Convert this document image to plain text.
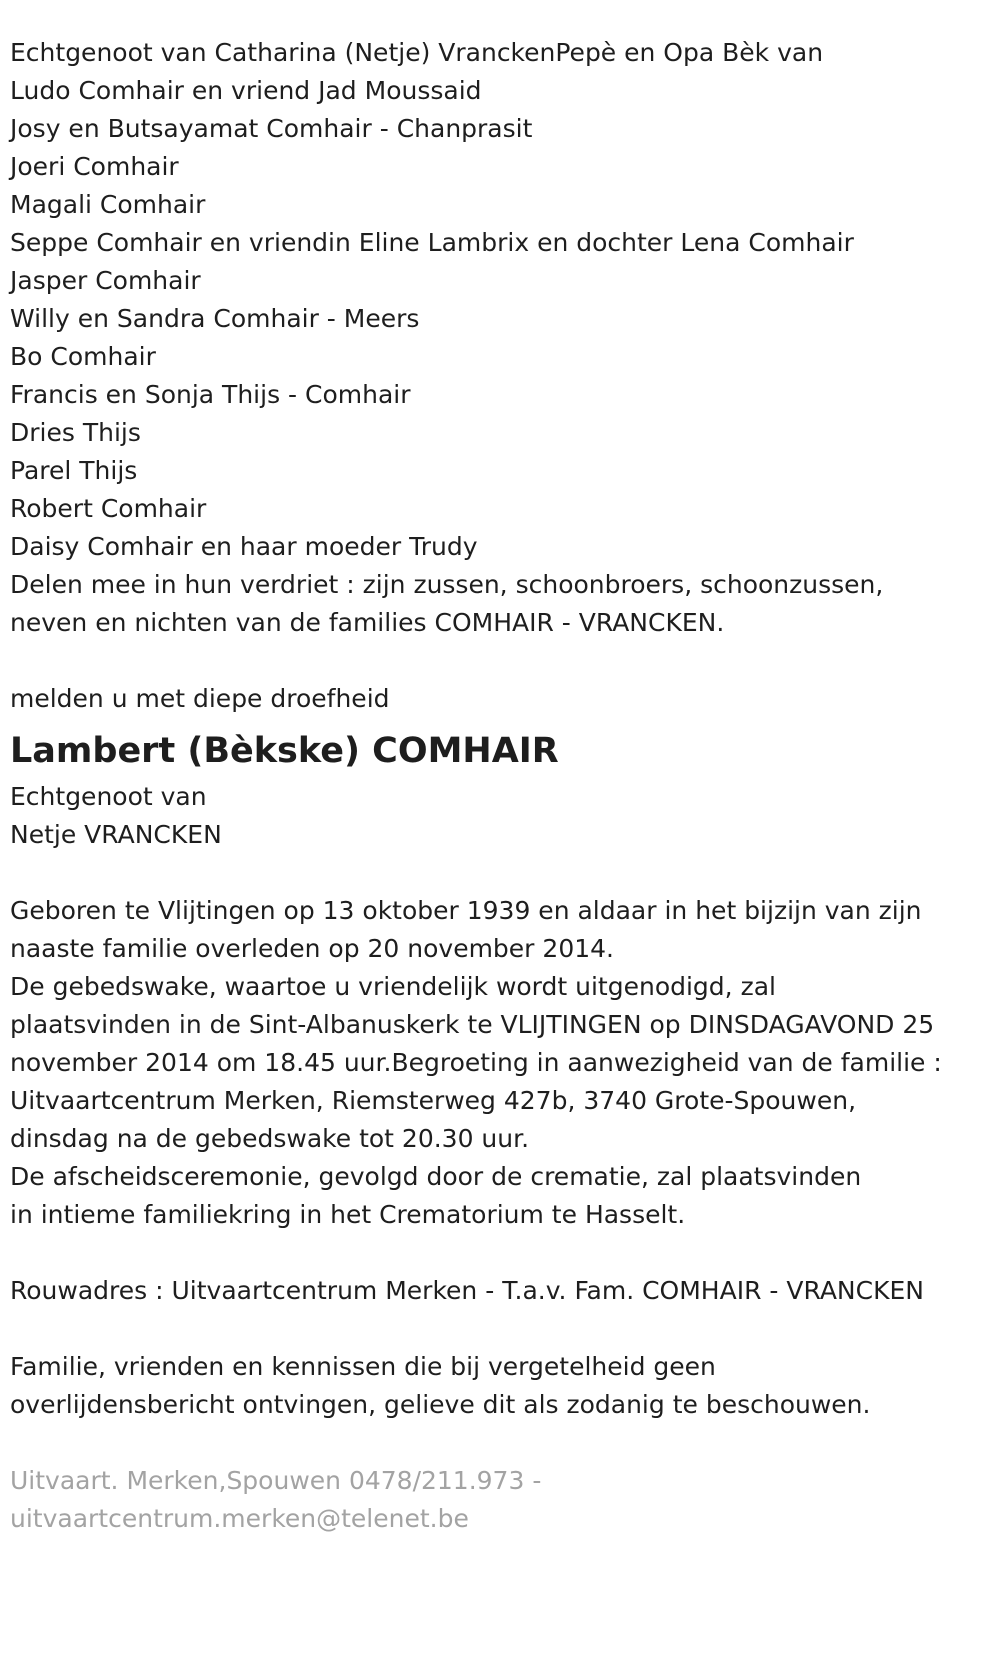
Echtgenoot van Catharina (Netje) VranckenPepè en Opa Bèk van
Ludo Comhair en vriend Jad Moussaid
Josy en Butsayamat Comhair - Chanprasit
Joeri Comhair
Magali Comhair
Seppe Comhair en vriendin Eline Lambrix en dochter Lena Comhair
Jasper Comhair
Willy en Sandra Comhair - Meers
Bo Comhair
Francis en Sonja Thijs - Comhair
Dries Thijs
Parel Thijs
Robert Comhair
Daisy Comhair en haar moeder Trudy
Delen mee in hun verdriet : zijn zussen, schoonbroers, schoonzussen,
neven en nichten van de families COMHAIR - VRANCKEN.
melden u met diepe droefheid
Lambert (Bèkske) COMHAIR
Echtgenoot van
Netje VRANCKEN
Geboren te Vlijtingen op 13 oktober 1939 en aldaar in het bijzijn van zijn
naaste familie overleden op 20 november 2014.
De gebedswake, waartoe u vriendelijk wordt uitgenodigd, zal
plaatsvinden in de Sint-Albanuskerk te VLIJTINGEN op DINSDAGAVOND 25
november 2014 om 18.45 uur.Begroeting in aanwezigheid van de familie :
Uitvaartcentrum Merken, Riemsterweg 427b, 3740 Grote-Spouwen,
dinsdag na de gebedswake tot 20.30 uur.
De afscheidsceremonie, gevolgd door de crematie, zal plaatsvinden
in intieme familiekring in het Crematorium te Hasselt.
Rouwadres : Uitvaartcentrum Merken - T.a.v. Fam. COMHAIR - VRANCKEN
Familie, vrienden en kennissen die bij vergetelheid geen
overlijdensbericht ontvingen, gelieve dit als zodanig te beschouwen.
Uitvaart. Merken,Spouwen 0478/211.973 -
uitvaartcentrum.merken@telenet.be
